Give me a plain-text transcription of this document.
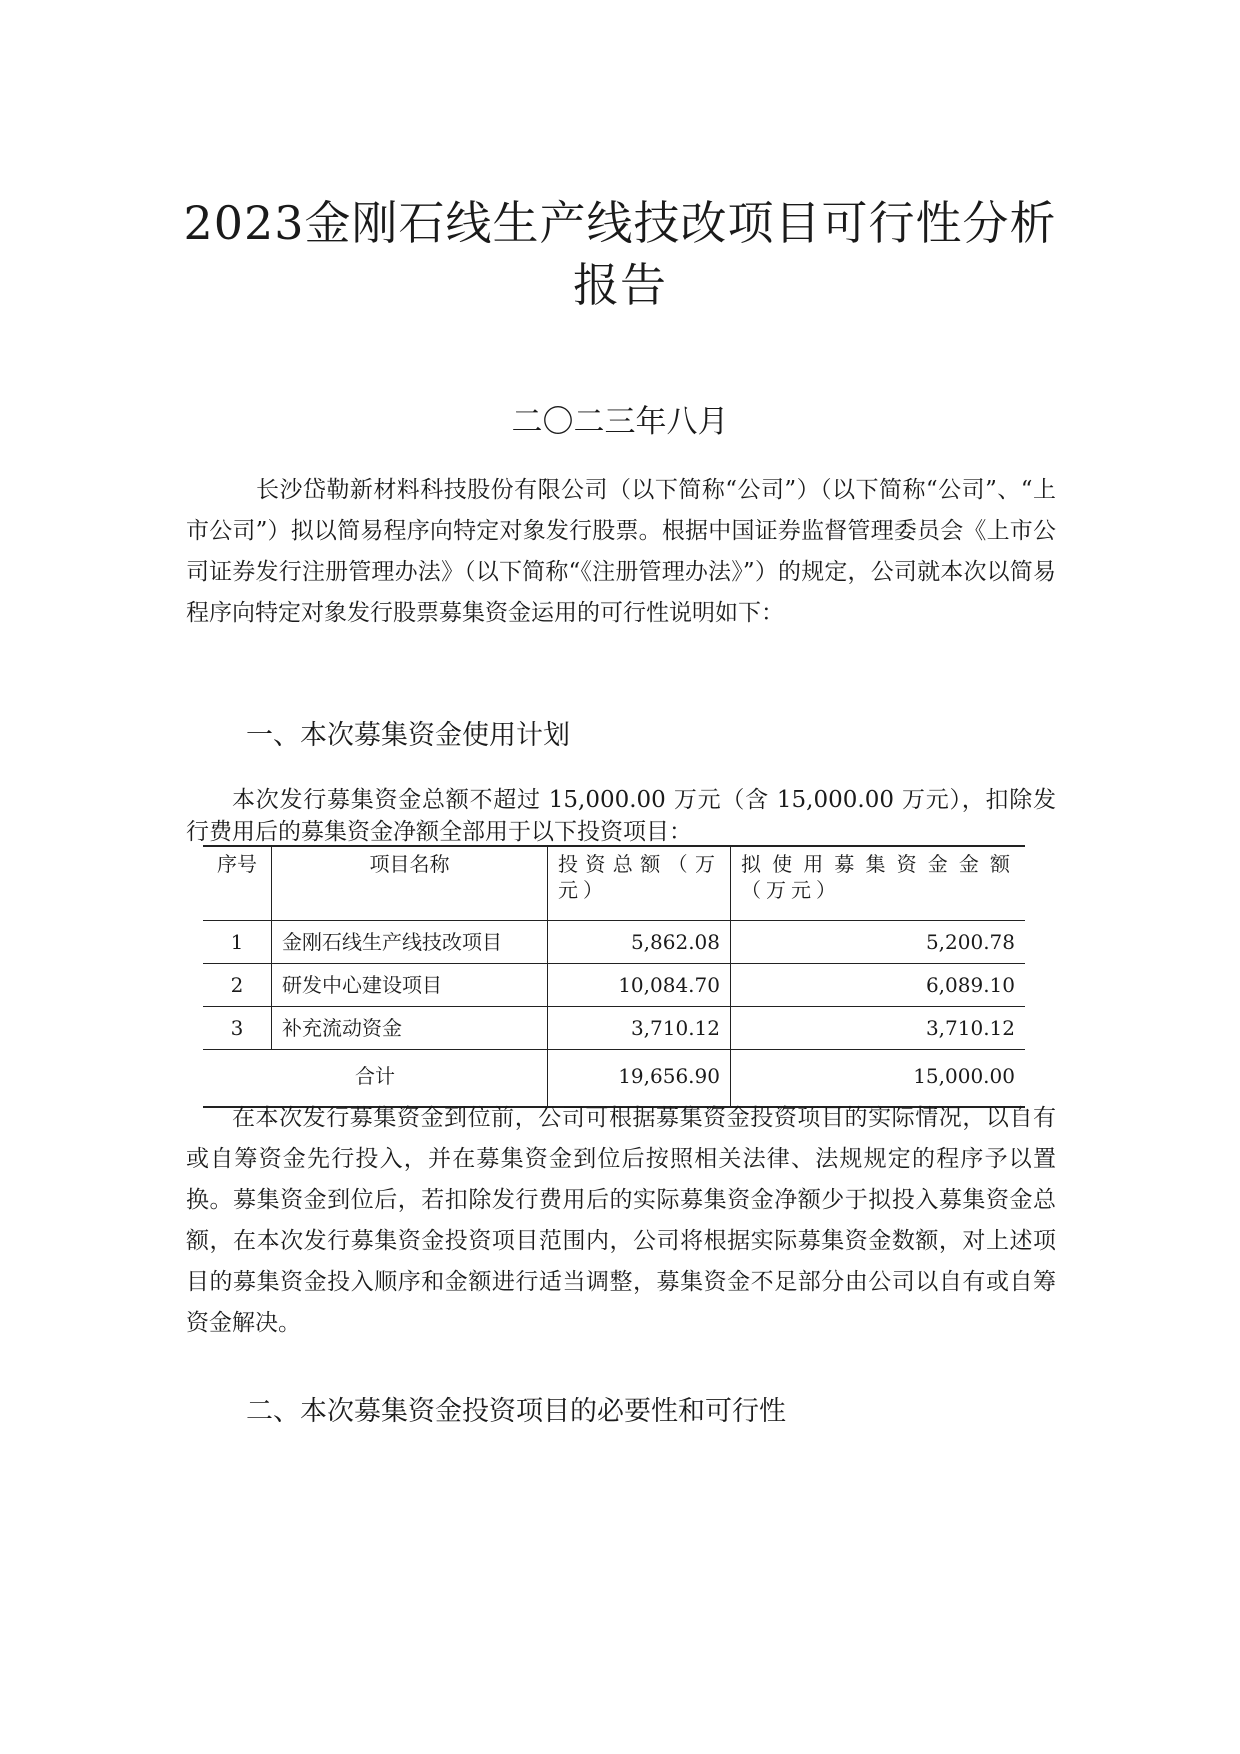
2023金刚石线生产线技改项目可行性分析报告

二〇二三年八月

长沙岱勒新材料科技股份有限公司（以下简称“公司”）（以下简称“公司”、“上市公司”）拟以简易程序向特定对象发行股票。根据中国证券监督管理委员会《上市公司证券发行注册管理办法》（以下简称“《注册管理办法》”）的规定，公司就本次以简易程序向特定对象发行股票募集资金运用的可行性说明如下：

一、本次募集资金使用计划

本次发行募集资金总额不超过 15,000.00 万元（含 15,000.00 万元），扣除发行费用后的募集资金净额全部用于以下投资项目：

序号	项目名称	投资总额（万元）	拟使用募集资金金额（万元）
1	金刚石线生产线技改项目	5,862.08	5,200.78
2	研发中心建设项目	10,084.70	6,089.10
3	补充流动资金	3,710.12	3,710.12
合计		19,656.90	15,000.00

在本次发行募集资金到位前，公司可根据募集资金投资项目的实际情况，以自有或自筹资金先行投入，并在募集资金到位后按照相关法律、法规规定的程序予以置换。募集资金到位后，若扣除发行费用后的实际募集资金净额少于拟投入募集资金总额，在本次发行募集资金投资项目范围内，公司将根据实际募集资金数额，对上述项目的募集资金投入顺序和金额进行适当调整，募集资金不足部分由公司以自有或自筹资金解决。

二、本次募集资金投资项目的必要性和可行性
